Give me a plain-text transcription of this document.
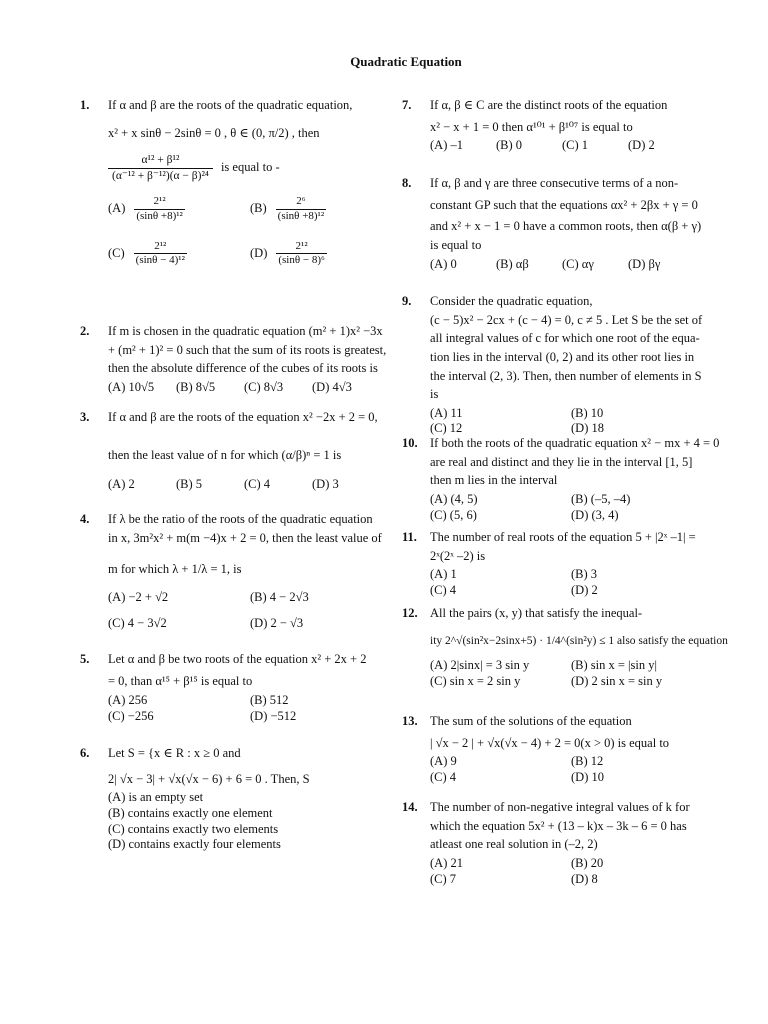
Quadratic Equation
1.	If α and β are the roots of the quadratic equation,
x² + x sinθ − 2sinθ = 0 , θ ∈ (0, π/2) , then
$\frac{\text{α¹² + β¹²}}{\text{(α⁻¹² + β⁻¹²)(α − β)²⁴}}$ is equal to -
$(A) \frac{\text{2¹²}}{\text{(sinθ +8)¹²}}$	$(B) \frac{\text{2⁶}}{\text{(sinθ +8)¹²}}$
$(C) \frac{\text{2¹²}}{\text{(sinθ − 4)¹²}}$	$(D) \frac{\text{2¹²}}{\text{(sinθ − 8)⁶}}$
2.	If m is chosen in the quadratic equation (m² + 1)x² −3x
+ (m² + 1)² = 0 such that the sum of its roots is greatest,
then the absolute difference of the cubes of its roots is
(A) 10√5	(B) 8√5	(C) 8√3	(D) 4√3
3.	If α and β are the roots of the equation x² −2x + 2 = 0,
then the least value of n for which (α/β)ⁿ = 1 is
(A) 2	(B) 5	(C) 4	(D) 3
4.	If λ be the ratio of the roots of the quadratic equation
in x, 3m²x² + m(m −4)x + 2 = 0, then the least value of
m for which λ + 1/λ = 1, is
(A) −2 + √2	(B) 4 − 2√3
(C) 4 − 3√2	(D) 2 − √3
5.	Let α and β be two roots of the equation x² + 2x + 2
= 0, than α¹⁵ + β¹⁵ is equal to
(A) 256	(B) 512
(C) −256	(D) −512
6.	Let S = {x ∈ R : x ≥ 0 and
2| √x − 3| + √x(√x − 6) + 6 = 0 . Then, S
(A) is an empty set
(B) contains exactly one element
(C) contains exactly two elements
(D) contains exactly four elements
7.	If α, β ∈ C are the distinct roots of the equation
x² − x + 1 = 0 then α¹⁰¹ + β¹⁰⁷ is equal to
(A) –1	(B) 0	(C) 1	(D) 2
8.	If α, β and γ are three consecutive terms of a non-
constant GP such that the equations αx² + 2βx + γ = 0
and x² + x − 1 = 0 have a common roots, then α(β + γ)
is equal to
(A) 0	(B) αβ	(C) αγ	(D) βγ
9.	Consider the quadratic equation,
(c − 5)x² − 2cx + (c − 4) = 0, c ≠ 5 . Let S be the set of
all integral values of c for which one root of the equa-
tion lies in the interval (0, 2) and its other root lies in
the interval (2, 3). Then, then number of elements in S
is
(A) 11	(B) 10
(C) 12	(D) 18
10. If both the roots of the quadratic equation x² − mx + 4 = 0
are real and distinct and they lie in the interval [1, 5]
then m lies in the interval
(A) (4, 5)	(B) (–5, –4)
(C) (5, 6)	(D) (3, 4)
11.	The number of real roots of the equation 5 + |2ˣ –1| =
2ˣ(2ˣ –2) is
(A) 1	(B) 3
(C) 4	(D) 2
12. All the pairs (x, y) that satisfy the inequal-
ity 2^√(sin²x−2sinx+5) · 1/4^(sin²y) ≤ 1 also satisfy the equation
(A) 2|sinx| = 3 sin y	(B) sin x = |sin y|
(C) sin x = 2 sin y	(D) 2 sin x = sin y
13. The sum of the solutions of the equation
| √x − 2 | + √x(√x − 4) + 2 = 0(x > 0) is equal to
(A) 9	(B) 12
(C) 4	(D) 10
14. The number of non-negative integral values of k for
which the equation 5x² + (13 – k)x – 3k – 6 = 0 has
atleast one real solution in (–2, 2)
(A) 21	(B) 20
(C) 7	(D) 8
